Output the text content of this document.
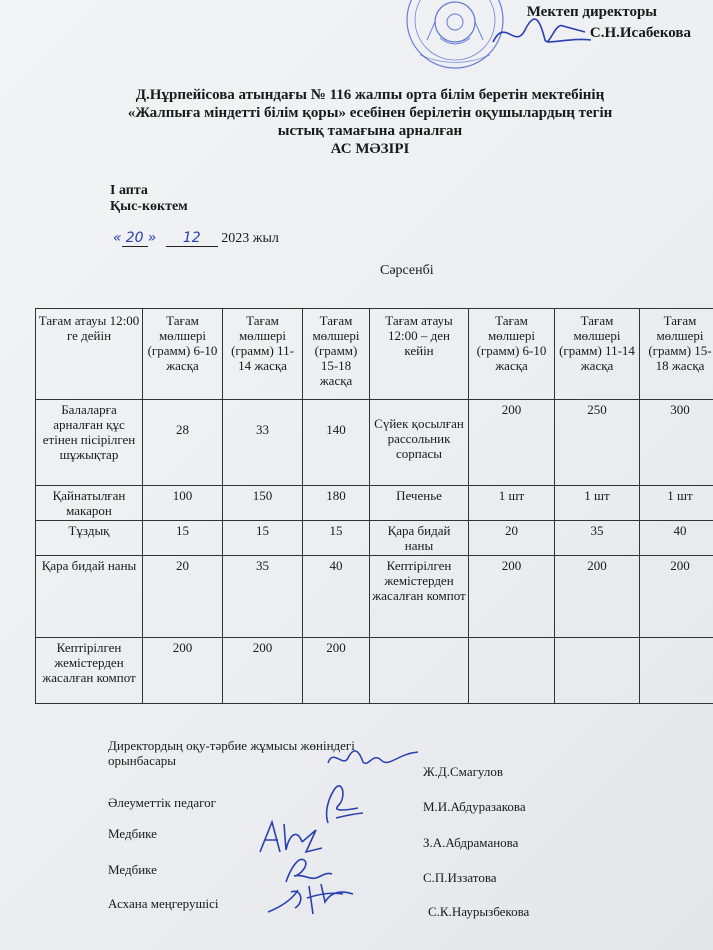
Мектеп директоры
С.Н.Исабекова
Д.Нұрпейісова атындағы № 116 жалпы орта білім беретін мектебінің
«Жалпыға міндетті білім қоры» есебінен берілетін оқушылардың тегін
ыстық тамағына арналған
АС МӘЗІРІ
І апта
Қыс-көктем
« 20 » 12 2023 жыл
Сәрсенбі
Тағам атауы 12:00 ге дейін	Тағам мөлшері (грамм) 6-10 жасқа	Тағам мөлшері (грамм) 11-14 жасқа	Тағам мөлшері (грамм) 15-18 жасқа	Тағам атауы 12:00 – ден кейін	Тағам мөлшері (грамм) 6-10 жасқа	Тағам мөлшері (грамм) 11-14 жасқа	Тағам мөлшері (грамм) 15-18 жасқа
Балаларға арналған құс етінен пісірілген шұжықтар	28	33	140	Сүйек қосылған рассольник сорпасы	200	250	300
Қайнатылған макарон	100	150	180	Печенье	1 шт	1 шт	1 шт
Тұздық	15	15	15	Қара бидай наны	20	35	40
Қара бидай наны	20	35	40	Кептірілген жемістерден жасалған компот	200	200	200
Кептірілген жемістерден жасалған компот	200	200	200				
Директордың оқу-тәрбие жұмысы жөніндегі орынбасары
Ж.Д.Смагулов
Әлеуметтік педагог	М.И.Абдуразакова
Медбике
З.А.Абдраманова
Медбике
С.П.Иззатова
Асхана меңгерушісі
С.К.Наурызбекова
